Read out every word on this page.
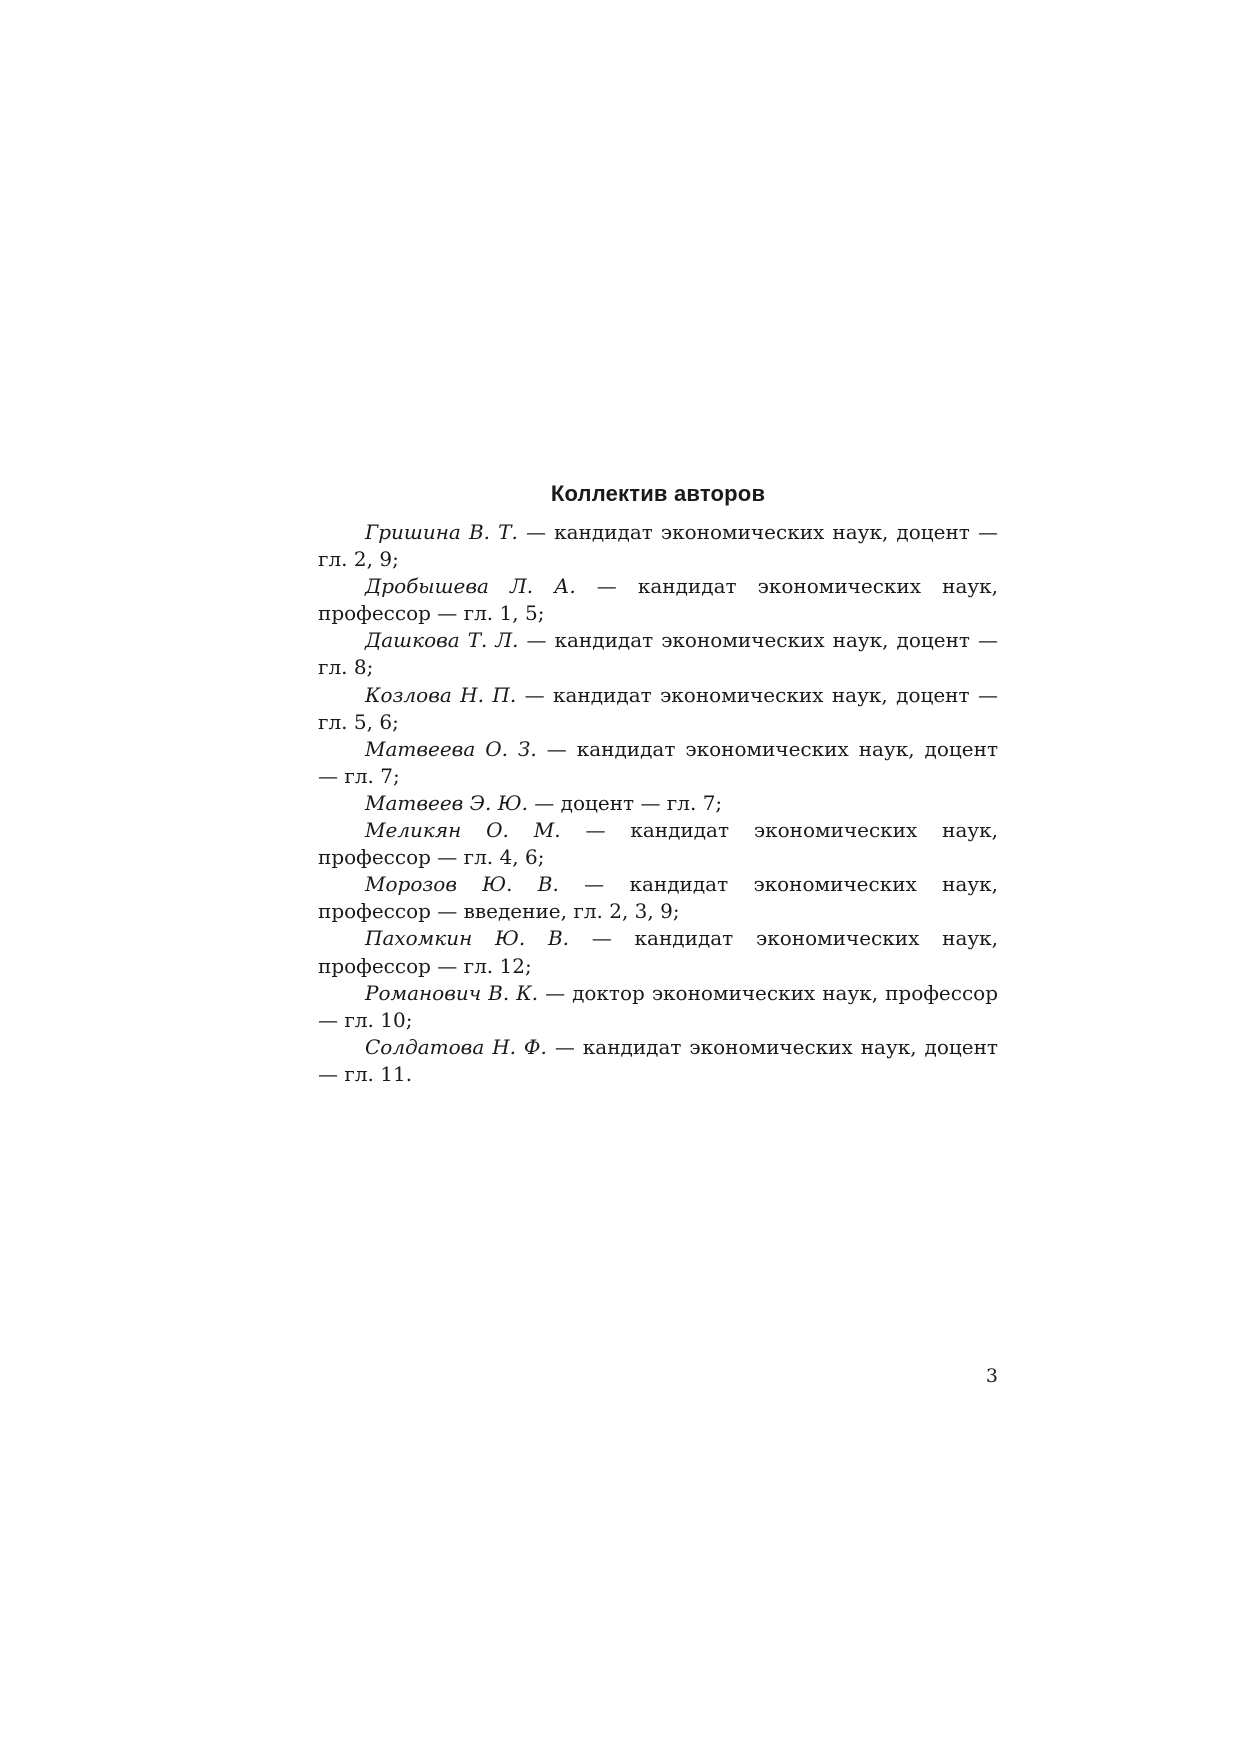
Коллектив авторов

Гришина В. Т. — кандидат экономических наук, доцент — гл. 2, 9;

Дробышева Л. А. — кандидат экономических наук, профессор — гл. 1, 5;

Дашкова Т. Л. — кандидат экономических наук, доцент — гл. 8;

Козлова Н. П. — кандидат экономических наук, доцент — гл. 5, 6;

Матвеева О. З. — кандидат экономических наук, доцент — гл. 7;

Матвеев Э. Ю. — доцент — гл. 7;

Меликян О. М. — кандидат экономических наук, профессор — гл. 4, 6;

Морозов Ю. В. — кандидат экономических наук, профессор — введение, гл. 2, 3, 9;

Пахомкин Ю. В. — кандидат экономических наук, профессор — гл. 12;

Романович В. К. — доктор экономических наук, профессор — гл. 10;

Солдатова Н. Ф. — кандидат экономических наук, доцент — гл. 11.

3
